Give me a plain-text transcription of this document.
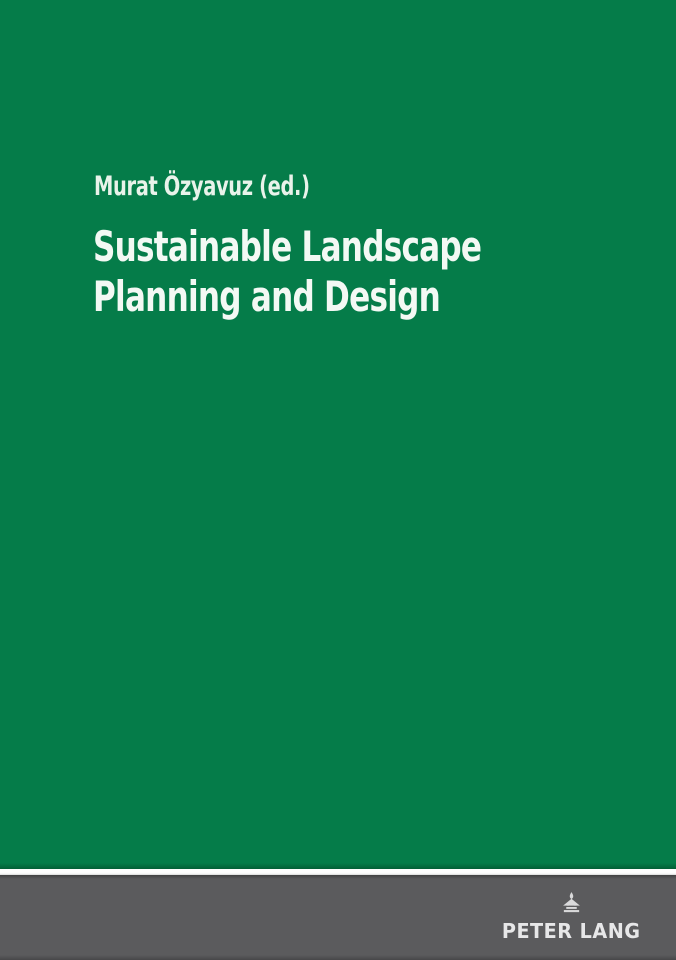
Murat Özyavuz (ed.)

Sustainable Landscape
Planning and Design
PETER LANG
